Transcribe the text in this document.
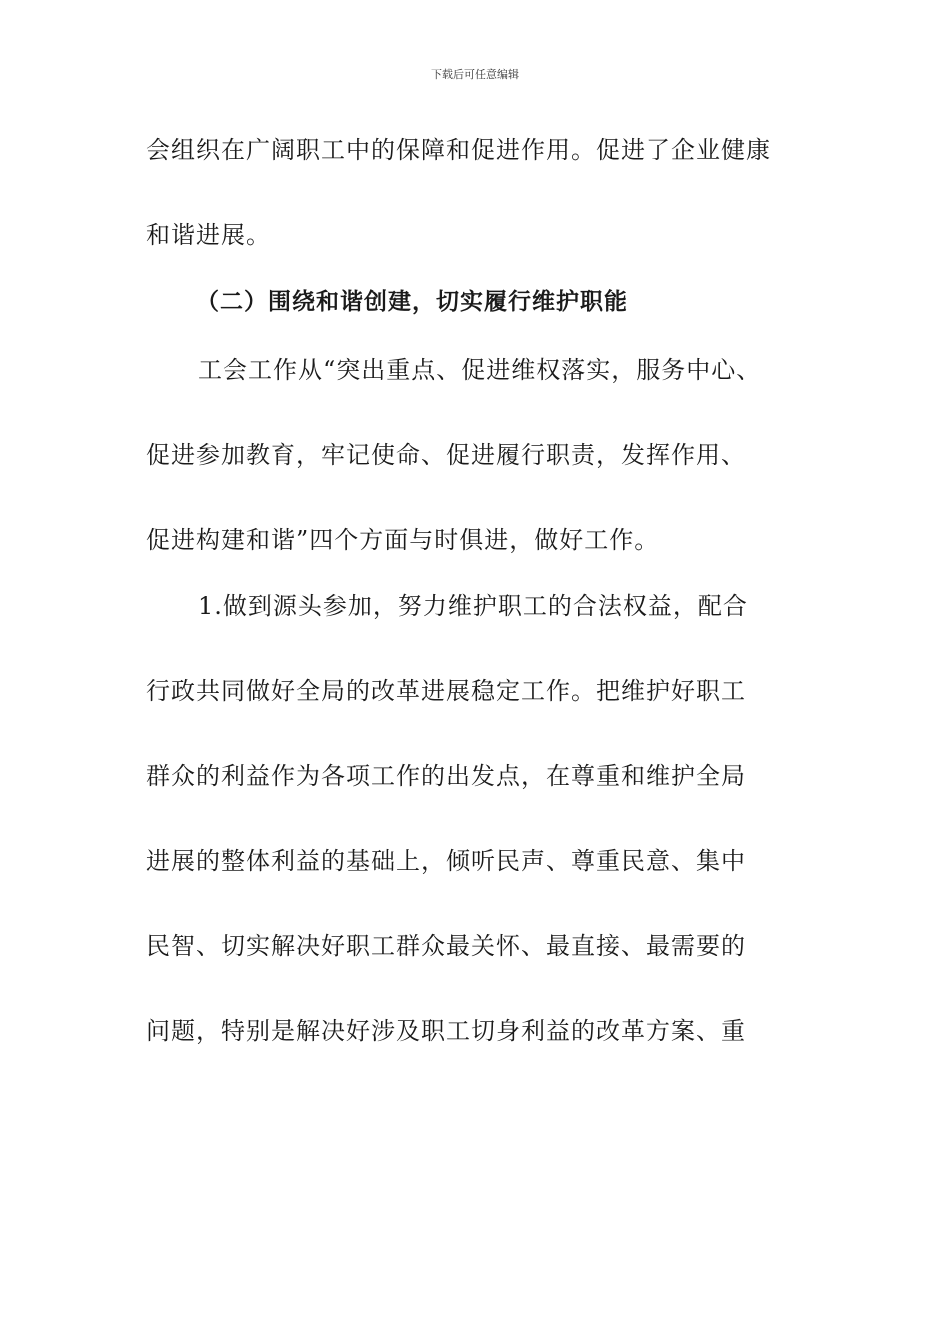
下载后可任意编辑
会组织在广阔职工中的保障和促进作用。促进了企业健康
和谐进展。
（二）围绕和谐创建，切实履行维护职能
工会工作从“突出重点、促进维权落实，服务中心、
促进参加教育，牢记使命、促进履行职责，发挥作用、
促进构建和谐”四个方面与时俱进，做好工作。
1.做到源头参加，努力维护职工的合法权益，配合
行政共同做好全局的改革进展稳定工作。把维护好职工
群众的利益作为各项工作的出发点，在尊重和维护全局
进展的整体利益的基础上，倾听民声、尊重民意、集中
民智、切实解决好职工群众最关怀、最直接、最需要的
问题，特别是解决好涉及职工切身利益的改革方案、重
